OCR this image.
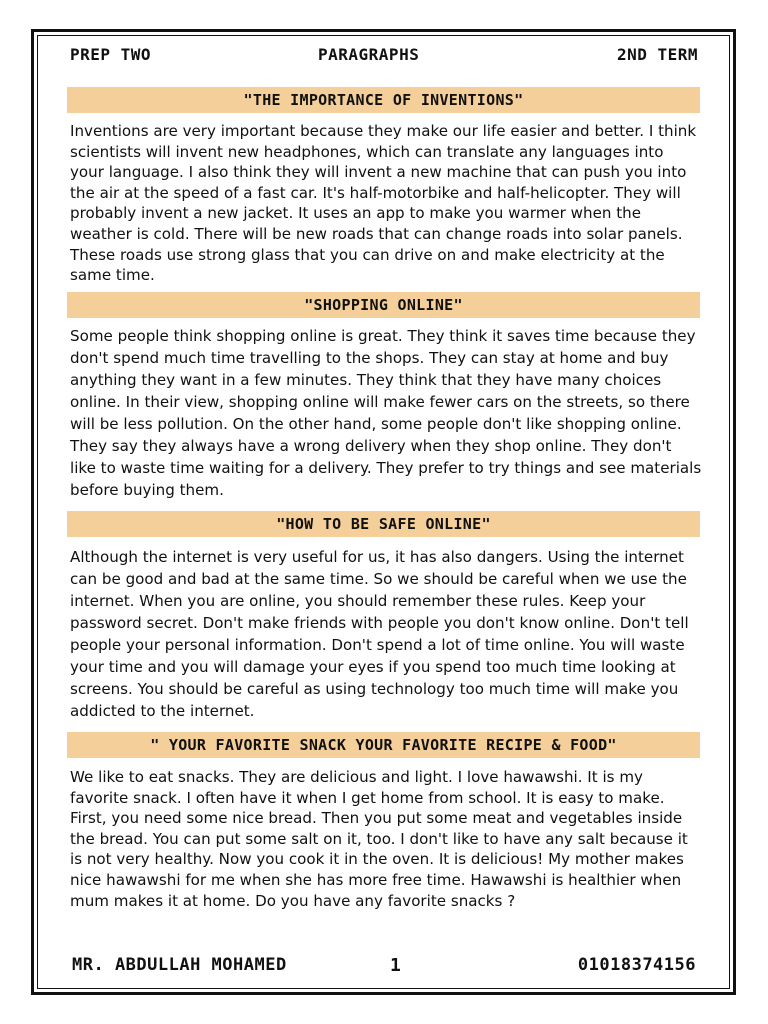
PREP TWO	PARAGRAPHS	2ND TERM
"THE IMPORTANCE OF INVENTIONS"

Inventions are very important because they make our life easier and better. I think scientists will invent new headphones, which can translate any languages into your language. I also think they will invent a new machine that can push you into the air at the speed of a fast car. It's half-motorbike and half-helicopter. They will probably invent a new jacket. It uses an app to make you warmer when the weather is cold. There will be new roads that can change roads into solar panels. These roads use strong glass that you can drive on and make electricity at the same time.

"SHOPPING ONLINE"

Some people think shopping online is great. They think it saves time because they don't spend much time travelling to the shops. They can stay at home and buy anything they want in a few minutes. They think that they have many choices online. In their view, shopping online will make fewer cars on the streets, so there will be less pollution. On the other hand, some people don't like shopping online. They say they always have a wrong delivery when they shop online. They don't like to waste time waiting for a delivery. They prefer to try things and see materials before buying them.

"HOW TO BE SAFE ONLINE"

Although the internet is very useful for us, it has also dangers. Using the internet can be good and bad at the same time. So we should be careful when we use the internet. When you are online, you should remember these rules. Keep your password secret. Don't make friends with people you don't know online. Don't tell people your personal information. Don't spend a lot of time online. You will waste your time and you will damage your eyes if you spend too much time looking at screens. You should be careful as using technology too much time will make you addicted to the internet.

" YOUR FAVORITE SNACK YOUR FAVORITE RECIPE & FOOD"

We like to eat snacks. They are delicious and light. I love hawawshi. It is my favorite snack. I often have it when I get home from school. It is easy to make. First, you need some nice bread. Then you put some meat and vegetables inside the bread. You can put some salt on it, too. I don't like to have any salt because it is not very healthy. Now you cook it in the oven. It is delicious! My mother makes nice hawawshi for me when she has more free time. Hawawshi is healthier when mum makes it at home. Do you have any favorite snacks ?

MR. ABDULLAH MOHAMED	1	01018374156
